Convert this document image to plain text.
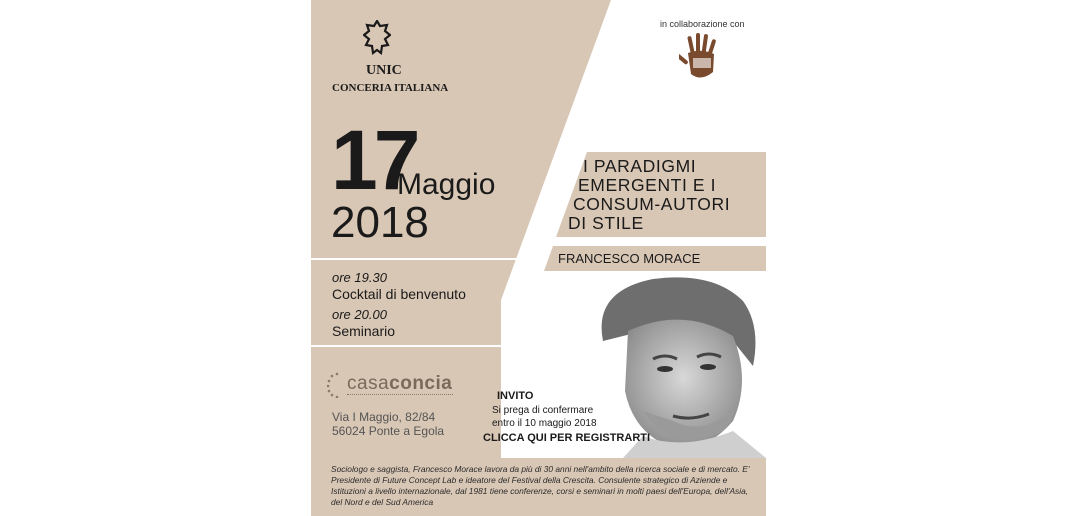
UNIC
CONCERIA ITALIANA
in collaborazione con
17
Maggio
2018
ore 19.30
Cocktail di benvenuto
ore 20.00
Seminario
casaconcia
Via I Maggio, 82/84
56024 Ponte a Egola
I PARADIGMI
EMERGENTI E I
CONSUM-AUTORI
DI STILE
FRANCESCO MORACE
INVITO
Si prega di confermare
entro il 10 maggio 2018
CLICCA QUI PER REGISTRARTI

Sociologo e saggista, Francesco Morace lavora da più di 30 anni nell'ambito della ricerca sociale e di mercato. E' Presidente di Future Concept Lab e ideatore del Festival della Crescita. Consulente strategico di Aziende e Istituzioni a livello internazionale, dal 1981 tiene conferenze, corsi e seminari in molti paesi dell'Europa, dell'Asia, del Nord e del Sud America
